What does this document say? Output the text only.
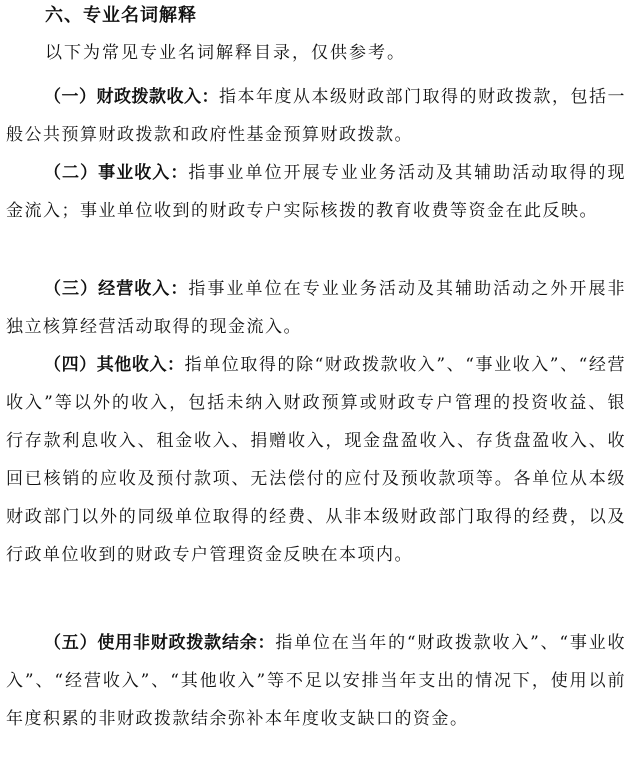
六、专业名词解释

以下为常见专业名词解释目录，仅供参考。

（一）财政拨款收入：指本年度从本级财政部门取得的财政拨款，包括一般公共预算财政拨款和政府性基金预算财政拨款。

（二）事业收入：指事业单位开展专业业务活动及其辅助活动取得的现金流入；事业单位收到的财政专户实际核拨的教育收费等资金在此反映。

（三）经营收入：指事业单位在专业业务活动及其辅助活动之外开展非独立核算经营活动取得的现金流入。

（四）其他收入：指单位取得的除“财政拨款收入”、“事业收入”、“经营收入”等以外的收入，包括未纳入财政预算或财政专户管理的投资收益、银行存款利息收入、租金收入、捐赠收入，现金盘盈收入、存货盘盈收入、收回已核销的应收及预付款项、无法偿付的应付及预收款项等。各单位从本级财政部门以外的同级单位取得的经费、从非本级财政部门取得的经费，以及行政单位收到的财政专户管理资金反映在本项内。

（五）使用非财政拨款结余：指单位在当年的“财政拨款收入”、“事业收入”、“经营收入”、“其他收入”等不足以安排当年支出的情况下，使用以前年度积累的非财政拨款结余弥补本年度收支缺口的资金。
